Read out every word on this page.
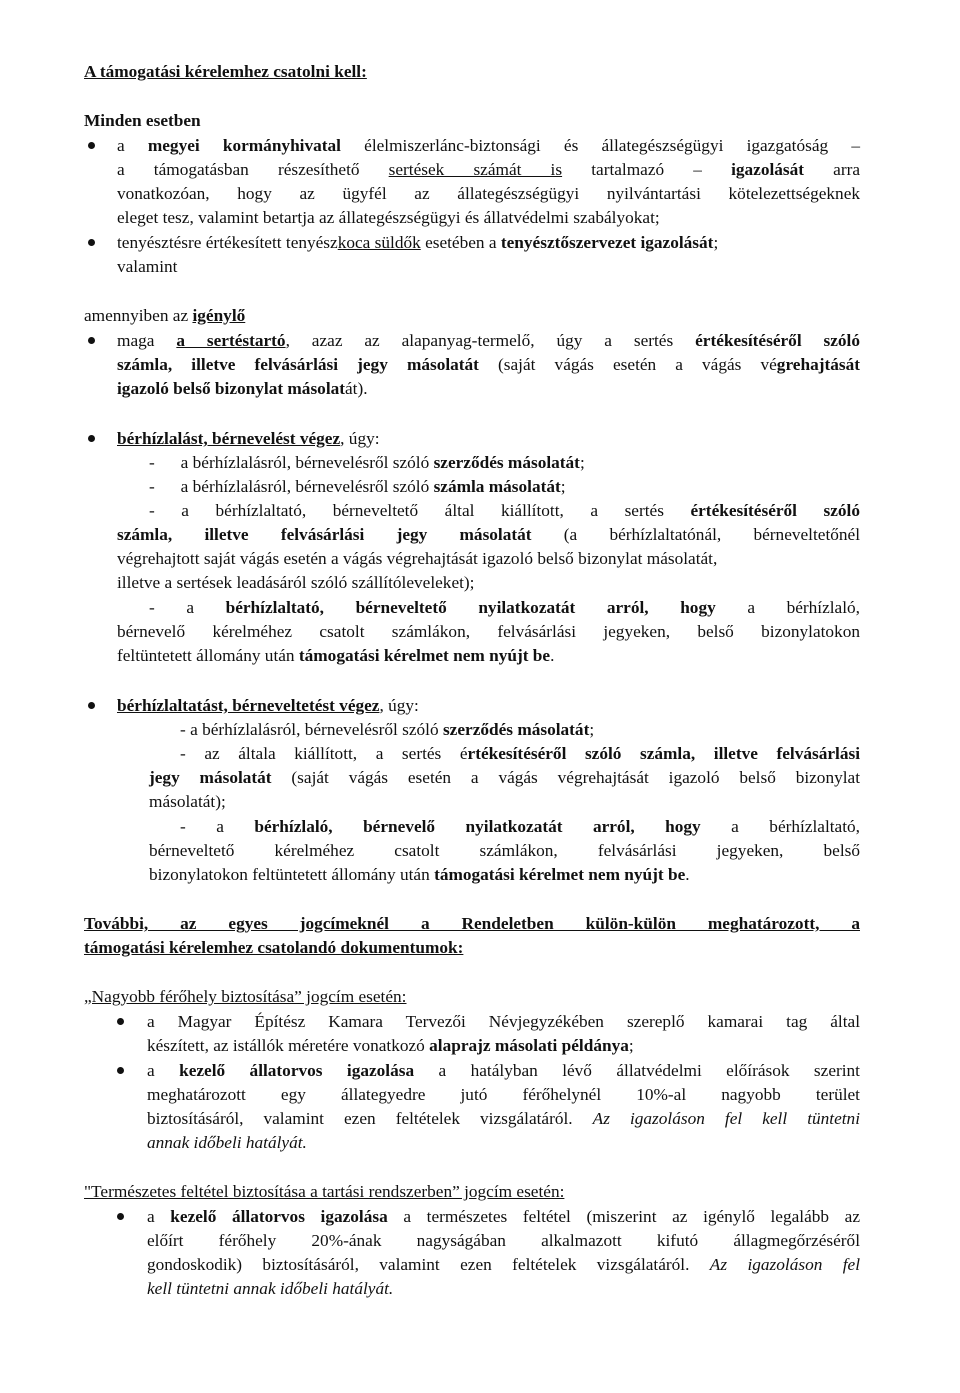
A támogatási kérelemhez csatolni kell:
Minden esetben
a megyei kormányhivatal élelmiszerlánc-biztonsági és állategészségügyi igazgatóság –
a támogatásban részesíthető sertések számát is tartalmazó – igazolását arra
vonatkozóan, hogy az ügyfél az állategészségügyi nyilvántartási kötelezettségeknek
eleget tesz, valamint betartja az állategészségügyi és állatvédelmi szabályokat;
tenyésztésre értékesített tenyészkoca süldők esetében a tenyésztőszervezet igazolását;
valamint
amennyiben az igénylő
maga a sertéstartó, azaz az alapanyag-termelő, úgy a sertés értékesítéséről szóló
számla, illetve felvásárlási jegy másolatát (saját vágás esetén a vágás végrehajtását
igazoló belső bizonylat másolatát).
bérhízlalást, bérnevelést végez, úgy:
-      a bérhízlalásról, bérnevelésről szóló szerződés másolatát;
-      a bérhízlalásról, bérnevelésről szóló számla másolatát;
- a bérhízlaltató, bérneveltető által kiállított, a sertés értékesítéséről szóló
számla, illetve felvásárlási jegy másolatát (a bérhízlaltatónál, bérneveltetőnél
végrehajtott saját vágás esetén a vágás végrehajtását igazoló belső bizonylat másolatát,
illetve a sertések leadásáról szóló szállítóleveleket);
- a bérhízlaltató, bérneveltető nyilatkozatát arról, hogy a bérhízlaló,
bérnevelő kérelméhez csatolt számlákon, felvásárlási jegyeken, belső bizonylatokon
feltüntetett állomány után támogatási kérelmet nem nyújt be.
bérhízlaltatást, bérneveltetést végez, úgy:
- a bérhízlalásról, bérnevelésről szóló szerződés másolatát;
- az általa kiállított, a sertés értékesítéséről szóló számla, illetve felvásárlási
jegy másolatát (saját vágás esetén a vágás végrehajtását igazoló belső bizonylat
másolatát);
- a bérhízlaló, bérnevelő nyilatkozatát arról, hogy a bérhízlaltató,
bérneveltető kérelméhez csatolt számlákon, felvásárlási jegyeken, belső
bizonylatokon feltüntetett állomány után támogatási kérelmet nem nyújt be.
További, az egyes jogcímeknél a Rendeletben külön-külön meghatározott, a
támogatási kérelemhez csatolandó dokumentumok:
„Nagyobb férőhely biztosítása” jogcím esetén:
a Magyar Építész Kamara Tervezői Névjegyzékében szereplő kamarai tag által
készített, az istállók méretére vonatkozó alaprajz másolati példánya;
a kezelő állatorvos igazolása a hatályban lévő állatvédelmi előírások szerint
meghatározott egy állategyedre jutó férőhelynél 10%-al nagyobb terület
biztosításáról, valamint ezen feltételek vizsgálatáról. Az igazoláson fel kell tüntetni
annak időbeli hatályát.
"Természetes feltétel biztosítása a tartási rendszerben” jogcím esetén:
a kezelő állatorvos igazolása a természetes feltétel (miszerint az igénylő legalább az
előírt férőhely 20%-ának nagyságában alkalmazott kifutó állagmegőrzéséről
gondoskodik) biztosításáról, valamint ezen feltételek vizsgálatáról. Az igazoláson fel
kell tüntetni annak időbeli hatályát.
